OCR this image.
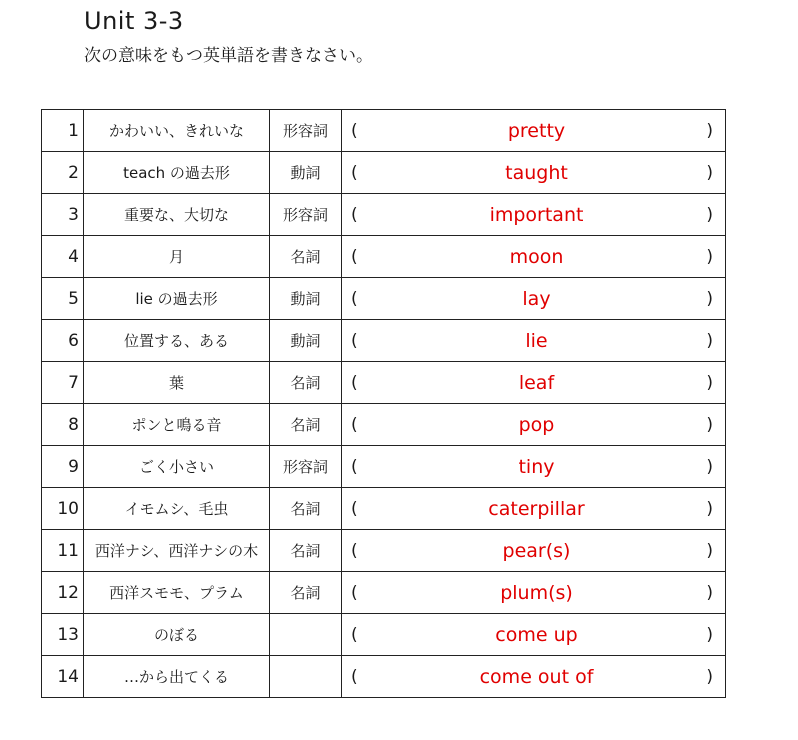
Unit 3-3
次の意味をもつ英単語を書きなさい。
1	かわいい、きれいな	形容詞	( pretty )

2	teach の過去形	動詞	( taught )

3	重要な、大切な	形容詞	( important )

4	月	名詞	( moon )

5	lie の過去形	動詞	( lay )

6	位置する、ある	動詞	( lie )

7	葉	名詞	( leaf )

8	ポンと鳴る音	名詞	( pop )

9	ごく小さい	形容詞	( tiny )

10	イモムシ、毛虫	名詞	( caterpillar )

11	西洋ナシ、西洋ナシの木	名詞	( pear(s) )

12	西洋スモモ、プラム	名詞	( plum(s) )

13	のぼる		( come up )

14	…から出てくる		( come out of )
